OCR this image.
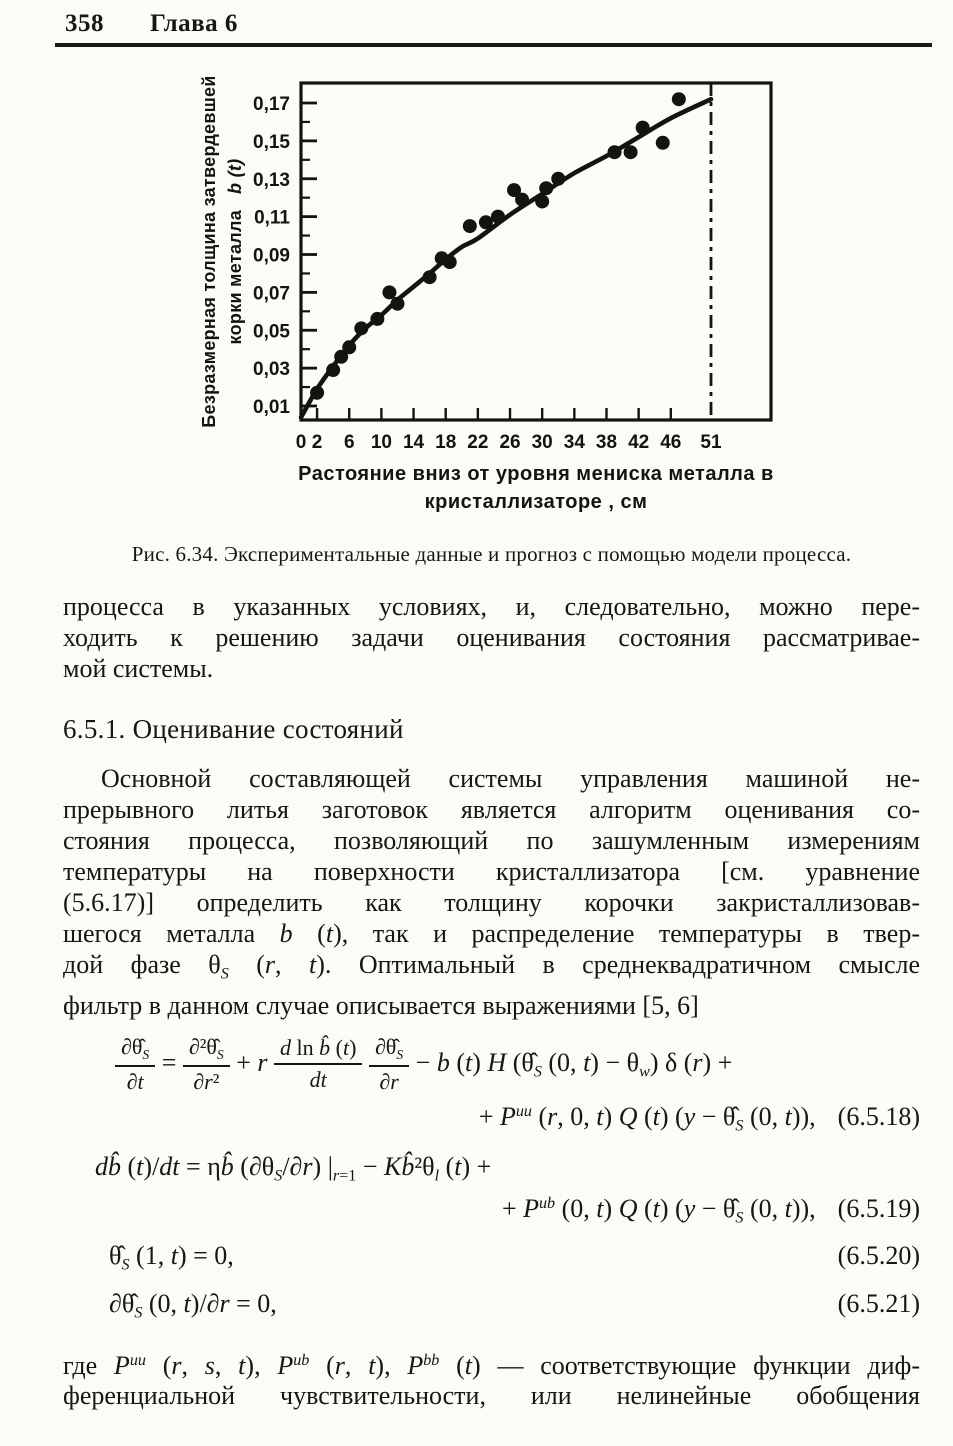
358 Глава 6
0,01
0,03
0,05
0,07
0,09
0,11
0,13
0,15
0,17
0 2 6 10 14 18 22 26 30 34 38 42 46 51
Растояние вниз от уровня мениска металла в
кристаллизаторе , см
Безразмерная толщина затвердевшей корки металла   b (t)
Рис. 6.34. Экспериментальные данные и прогноз с помощью модели процесса.
процесса в указанных условиях, и, следовательно, можно пере-
ходить к решению задачи оценивания состояния рассматривае-
мой системы.
6.5.1. Оценивание состояний
Основной составляющей системы управления машиной не-
прерывного литья заготовок является алгоритм оценивания со-
стояния процесса, позволяющий по зашумленным измерениям
температуры на поверхности кристаллизатора [см. уравнение
(5.6.17)] определить как толщину корочки закристаллизовав-
шегося металла b (t), так и распределение температуры в твер-
дой фазе $\theta_S$ (r, t). Оптимальный в среднеквадратичном смысле
фильтр в данном случае описывается выражениями [5, 6]
$\frac{\partial\thetâ_S}{\partial t} = \frac{\partial^2\thetâ_S}{\text{∂r²}} + r \frac{\text{d ln b̂ (t)}}{dt}$
$\frac{\partial\thetâ_S}{\partial r} - b$ (t) H ($\thetâ_S$ (0, $t) - \theta_w$) δ (r) +
+ $P^{uu}$ (r, 0, t) Q (t) ($y - \thetâ_S$ (0, t)), (6.5.18)
db̂ (t)/dt = ηb̂ $(\partial\theta_S/\partial r) |_{r=1}$ − $Kb̂^2\theta_l$ (t) +
+ $P^{ub}$ (0, t) Q (t) ($y - \thetâ_S$ (0, t)), (6.5.19)
$\thetâ_S$ (1, t) = 0,	(6.5.20)
$\partial\thetâ_S$ (0, t)/∂r = 0,	(6.5.21)
где $P^{uu}$ (r, s, t), $P^{ub}$ (r, t), $P^{bb}$ (t) — соответствующие функции диф-
ференциальной чувствительности, или нелинейные обобщения
